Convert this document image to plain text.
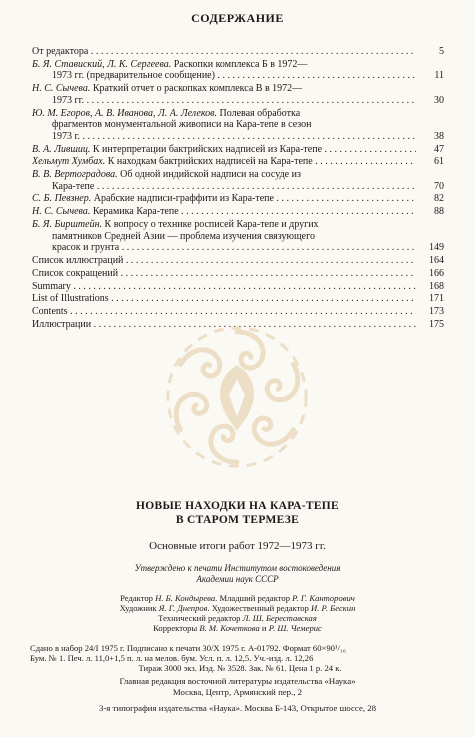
СОДЕРЖАНИЕ
От редактора . . .	5
Б. Я. Ставиский, Л. К. Сергеева. Раскопки комплекса Б в 1972—
1973 гг. (предварительное сообщение) . . .	11
Н. С. Сычева. Краткий отчет о раскопках комплекса В в 1972—
1973 гг. . . .	30
Ю. М. Егоров, А. В. Иванова, Л. А. Лелеков. Полевая обработка
фрагментов монументальной живописи на Кара-тепе в сезон
1973 г. . . .	38
В. А. Лившиц. К интерпретации бактрийских надписей из Кара-тепе . . .	47
Хельмут Хумбах. К находкам бактрийских надписей на Кара-тепе . . .	61
В. В. Вертоградова. Об одной индийской надписи на сосуде из
Кара-тепе . . .	70
С. Б. Певзнер. Арабские надписи-граффити из Кара-тепе . . .	82
Н. С. Сычева. Керамика Кара-тепе . . .	88
Б. Я. Бирштейн. К вопросу о технике росписей Кара-тепе и других
памятников Средней Азии — проблема изучения связующего
красок и грунта . . .	149
Список иллюстраций . . .	164
Список сокращений . . .	166
Summary . . .	168
List of Illustrations . . .	171
Contents . . .	173
Иллюстрации . . .	175
НОВЫЕ НАХОДКИ НА КАРА-ТЕПЕ
В СТАРОМ ТЕРМЕЗЕ
Основные итоги работ 1972—1973 гг.
Утверждено к печати Институтом востоковедения
Академии наук СССР
Редактор Н. Б. Кондырева. Младший редактор Р. Г. Канторович
Художник Я. Г. Днепров. Художественный редактор И. Р. Бескин
Технический редактор Л. Ш. Береставская
Корректоры В. М. Кочеткова и Р. Ш. Чемерис
Сдано в набор 24/I 1975 г. Подписано к печати 30/X 1975 г. А-01792. Формат 60×90¹/₁₆
Бум. № 1. Печ. л. 11,0+1,5 п. л. на мелов. бум. Усл. п. л. 12,5. Уч.-изд. л. 12,26
Тираж 3000 экз. Изд. № 3528. Зак. № 61. Цена 1 р. 24 к.
Главная редакция восточной литературы издательства «Наука»
Москва, Центр, Армянский пер., 2
3-я типография издательства «Наука». Москва Б-143, Открытое шоссе, 28
